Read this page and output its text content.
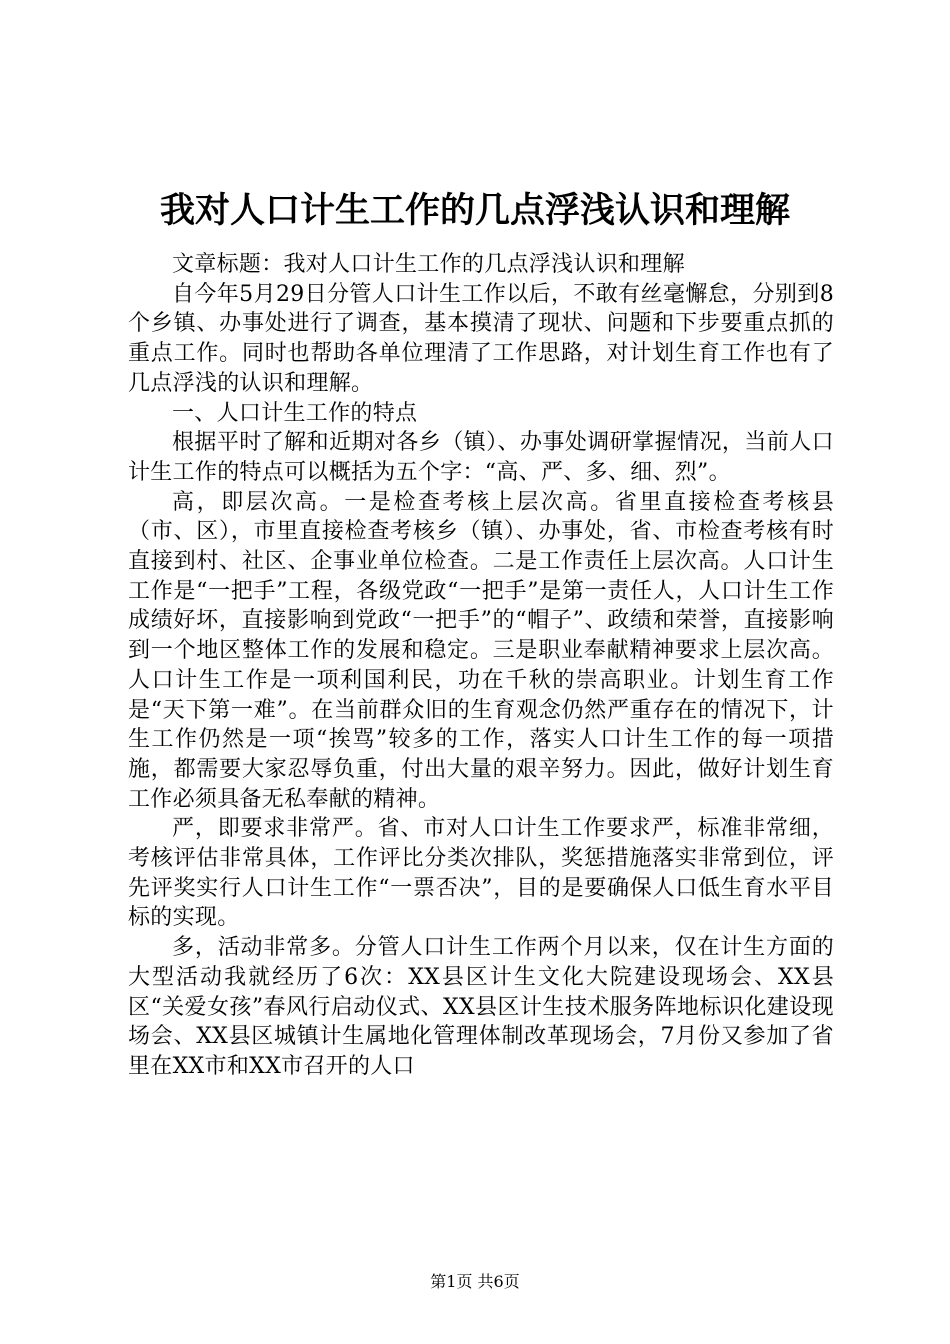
我对人口计生工作的几点浮浅认识和理解

文章标题：我对人口计生工作的几点浮浅认识和理解

自今年5月29日分管人口计生工作以后，不敢有丝毫懈怠，分别到8个乡镇、办事处进行了调查，基本摸清了现状、问题和下步要重点抓的重点工作。同时也帮助各单位理清了工作思路，对计划生育工作也有了几点浮浅的认识和理解。

一、人口计生工作的特点

根据平时了解和近期对各乡（镇）、办事处调研掌握情况，当前人口计生工作的特点可以概括为五个字：“高、严、多、细、烈”。

高，即层次高。一是检查考核上层次高。省里直接检查考核县（市、区），市里直接检查考核乡（镇）、办事处，省、市检查考核有时直接到村、社区、企事业单位检查。二是工作责任上层次高。人口计生工作是“一把手”工程，各级党政“一把手”是第一责任人，人口计生工作成绩好坏，直接影响到党政“一把手”的“帽子”、政绩和荣誉，直接影响到一个地区整体工作的发展和稳定。三是职业奉献精神要求上层次高。人口计生工作是一项利国利民，功在千秋的崇高职业。计划生育工作是“天下第一难”。在当前群众旧的生育观念仍然严重存在的情况下，计生工作仍然是一项“挨骂”较多的工作，落实人口计生工作的每一项措施，都需要大家忍辱负重，付出大量的艰辛努力。因此，做好计划生育工作必须具备无私奉献的精神。

严，即要求非常严。省、市对人口计生工作要求严，标准非常细，考核评估非常具体，工作评比分类次排队，奖惩措施落实非常到位，评先评奖实行人口计生工作“一票否决”，目的是要确保人口低生育水平目标的实现。

多，活动非常多。分管人口计生工作两个月以来，仅在计生方面的大型活动我就经历了6次：XX县区计生文化大院建设现场会、XX县区“关爱女孩”春风行启动仪式、XX县区计生技术服务阵地标识化建设现场会、XX县区城镇计生属地化管理体制改革现场会，7月份又参加了省里在XX市和XX市召开的人口

第1页 共6页
